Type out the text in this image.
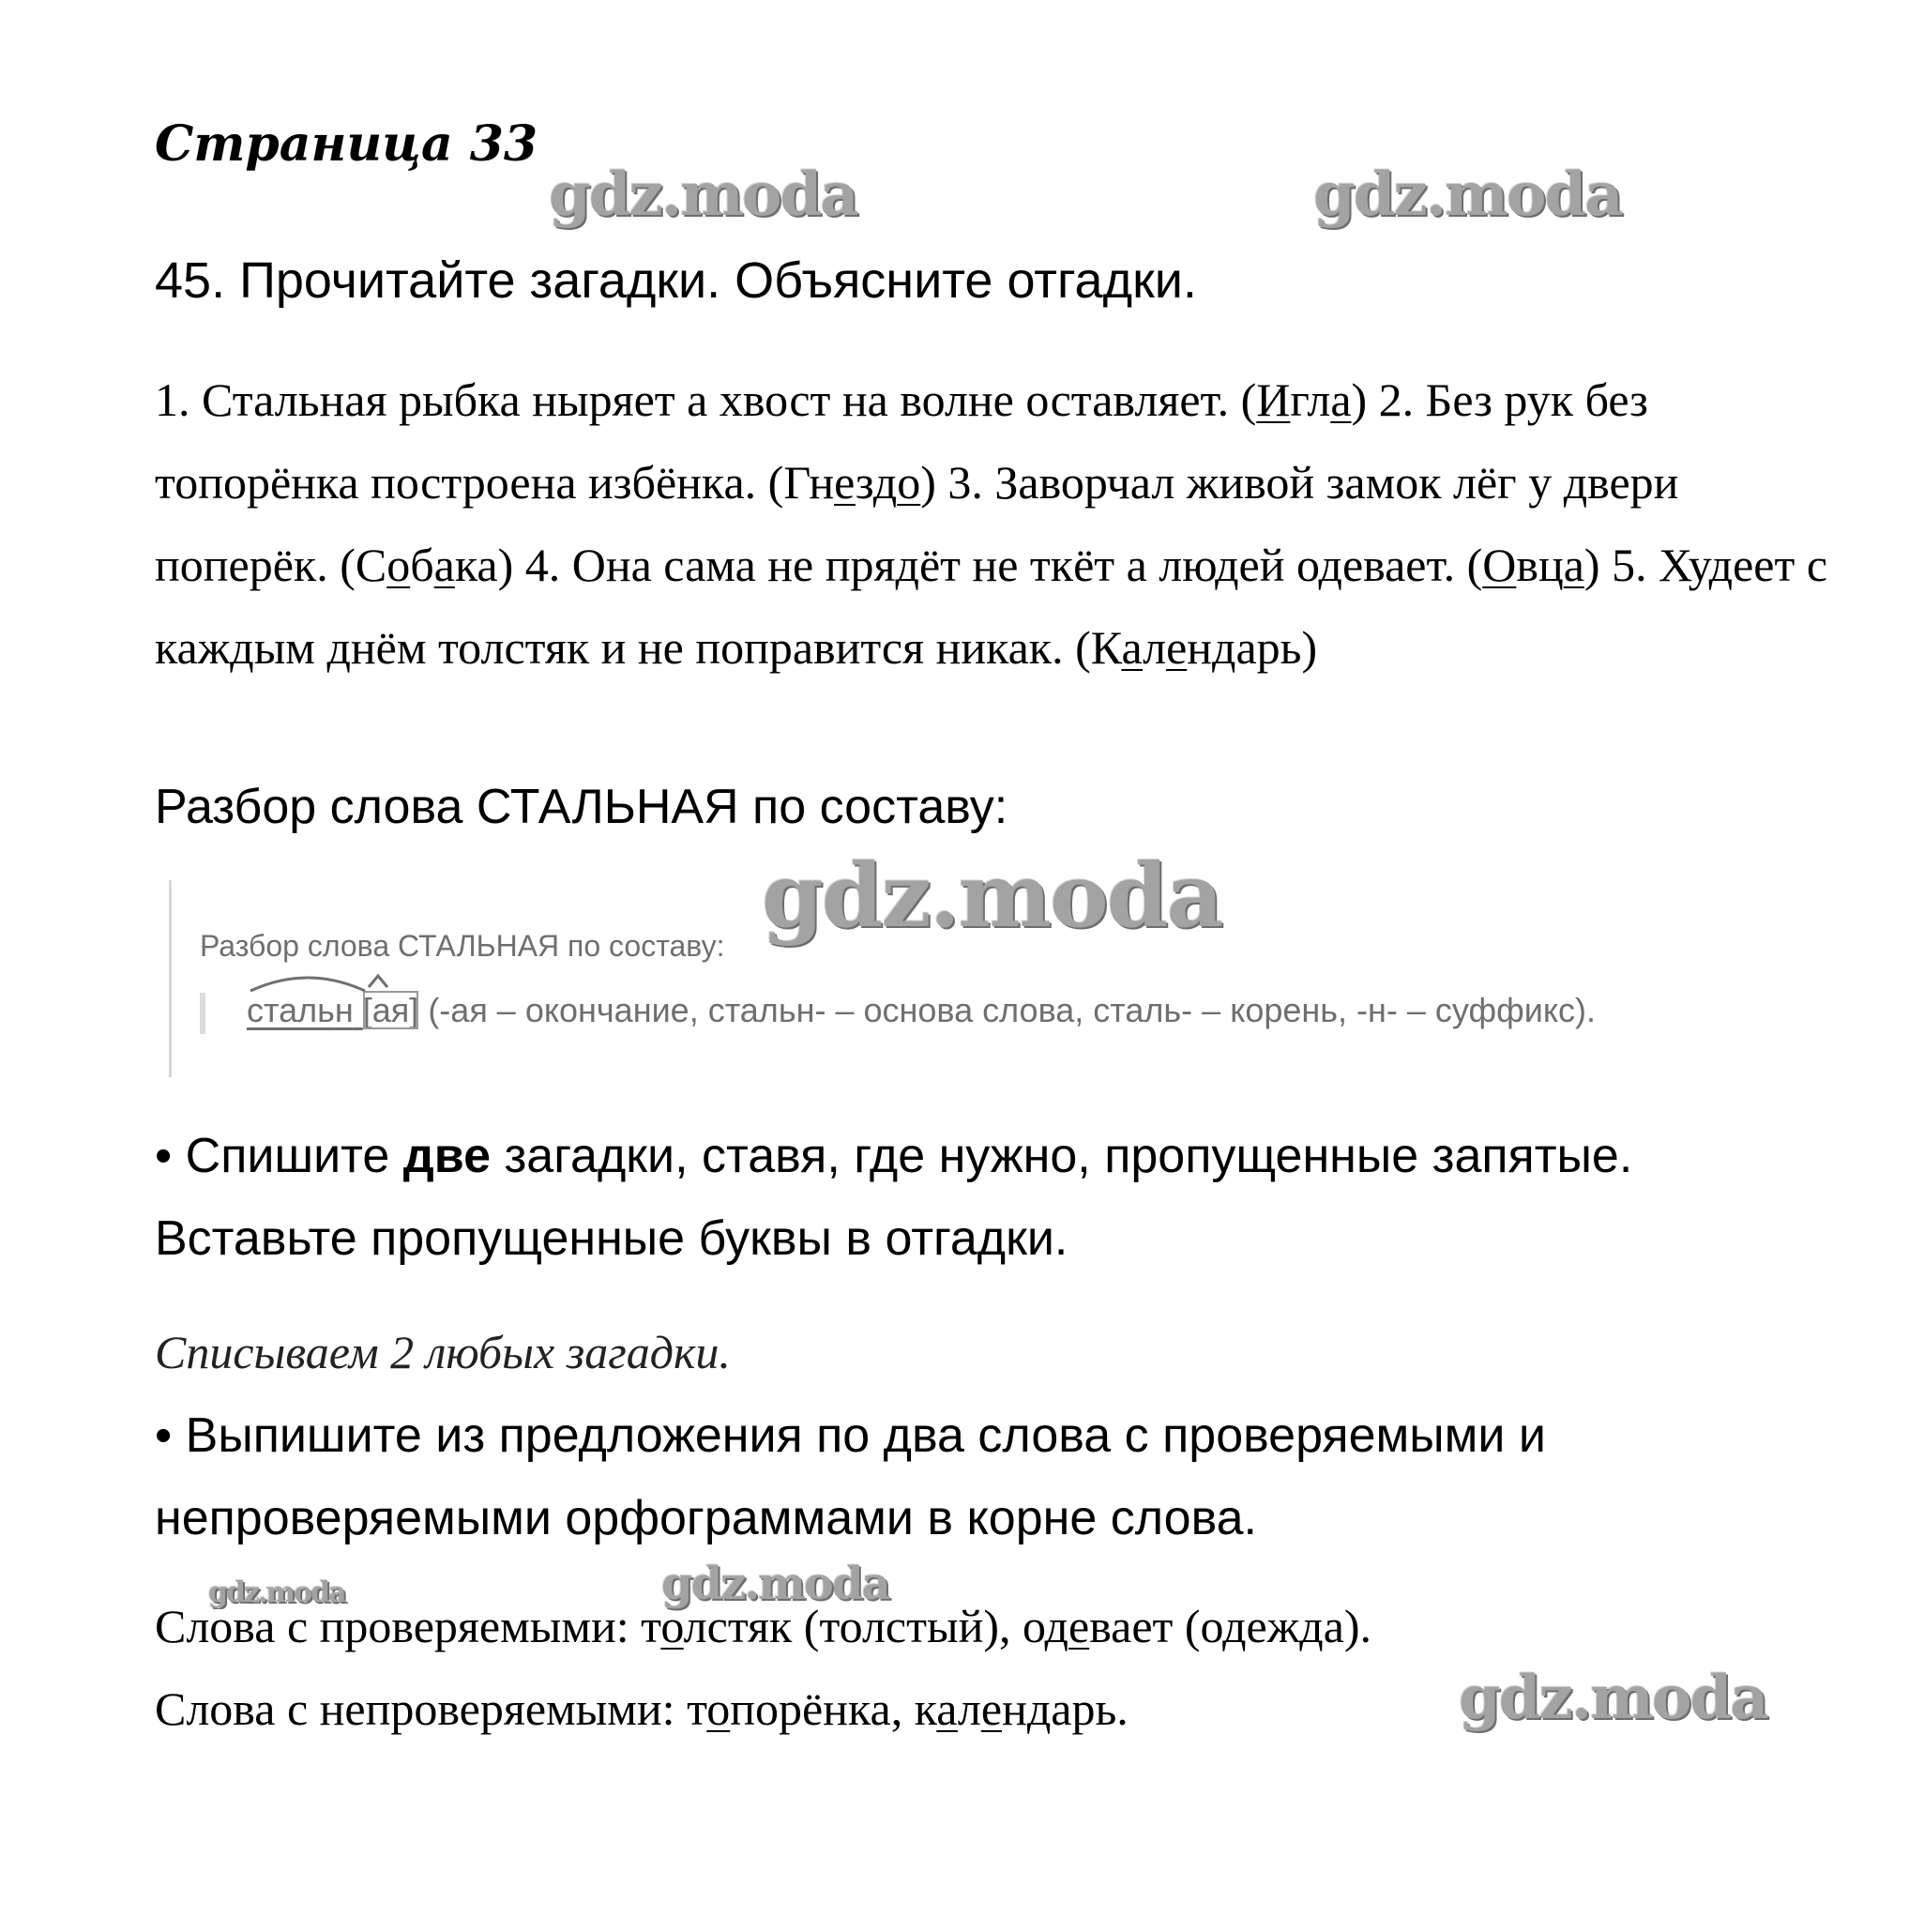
Страница 33
gdz.moda	gdz.moda
45. Прочитайте загадки. Объясните отгадки.
1. Стальная рыбка ныряет а хвост на волне оставляет. (Игла) 2. Без рук без топорёнка построена избёнка. (Гнездо) 3. Заворчал живой замок лёг у двери поперёк. (Собака) 4. Она сама не прядёт не ткёт а людей одевает. (Овца) 5. Худеет с каждым днём толстяк и не поправится никак. (Календарь)
Разбор слова СТАЛЬНАЯ по составу:
Разбор слова СТАЛЬНАЯ по составу:
стальн [ая] (-ая – окончание, стальн- – основа слова, сталь- – корень, -н- – суффикс).
gdz.moda
• Спишите две загадки, ставя, где нужно, пропущенные запятые. Вставьте пропущенные буквы в отгадки.
Списываем 2 любых загадки.
• Выпишите из предложения по два слова с проверяемыми и непроверяемыми орфограммами в корне слова.
gdz.moda	gdz.moda
Слова с проверяемыми: толстяк (толстый), одевает (одежда).
Слова с непроверяемыми: топорёнка, календарь.	gdz.moda
